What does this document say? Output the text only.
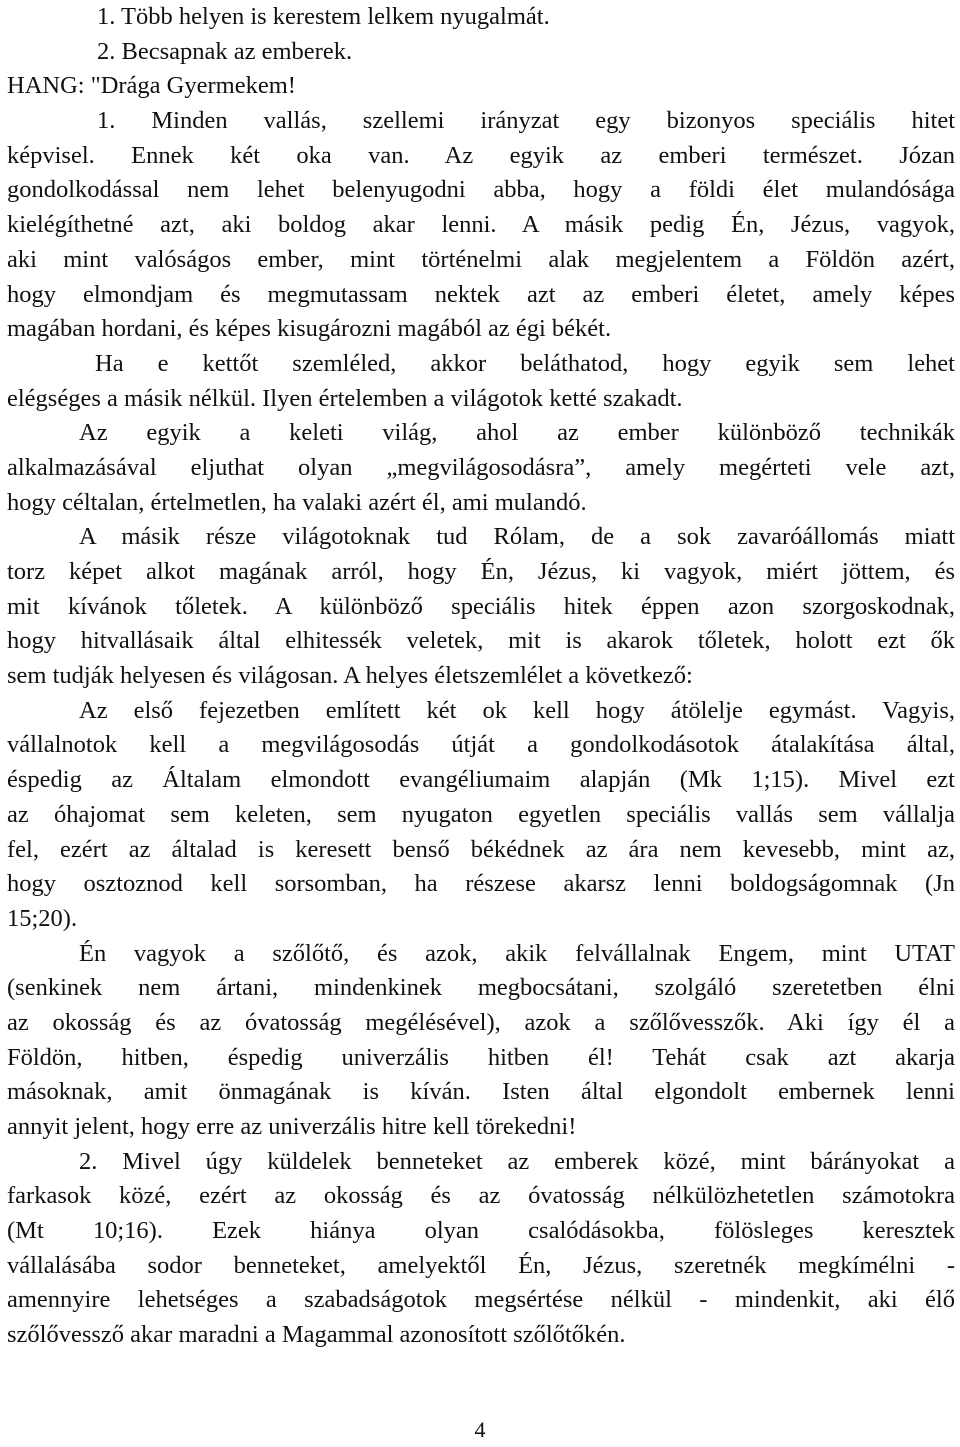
1. Több helyen is kerestem lelkem nyugalmát.
2. Becsapnak az emberek.
HANG: "Drága Gyermekem!
1. Minden vallás, szellemi irányzat egy bizonyos speciális hitet
képvisel. Ennek két oka van. Az egyik az emberi természet. Józan
gondolkodással nem lehet belenyugodni abba, hogy a földi élet mulandósága
kielégíthetné azt, aki boldog akar lenni. A másik pedig Én, Jézus, vagyok,
aki mint valóságos ember, mint történelmi alak megjelentem a Földön azért,
hogy elmondjam és megmutassam nektek azt az emberi életet, amely képes
magában hordani, és képes kisugározni magából az égi békét.
Ha e kettőt szemléled, akkor beláthatod, hogy egyik sem lehet
elégséges a másik nélkül. Ilyen értelemben a világotok ketté szakadt.
Az egyik a keleti világ, ahol az ember különböző technikák
alkalmazásával eljuthat olyan „megvilágosodásra”, amely megérteti vele azt,
hogy céltalan, értelmetlen, ha valaki azért él, ami mulandó.
A másik része világotoknak tud Rólam, de a sok zavaróállomás miatt
torz képet alkot magának arról, hogy Én, Jézus, ki vagyok, miért jöttem, és
mit kívánok tőletek. A különböző speciális hitek éppen azon szorgoskodnak,
hogy hitvallásaik által elhitessék veletek, mit is akarok tőletek, holott ezt ők
sem tudják helyesen és világosan. A helyes életszemlélet a következő:
Az első fejezetben említett két ok kell hogy átölelje egymást. Vagyis,
vállalnotok kell a megvilágosodás útját a gondolkodásotok átalakítása által,
éspedig az Általam elmondott evangéliumaim alapján (Mk 1;15). Mivel ezt
az óhajomat sem keleten, sem nyugaton egyetlen speciális vallás sem vállalja
fel, ezért az általad is keresett benső békédnek az ára nem kevesebb, mint az,
hogy osztoznod kell sorsomban, ha részese akarsz lenni boldogságomnak (Jn
15;20).
Én vagyok a szőlőtő, és azok, akik felvállalnak Engem, mint UTAT
(senkinek nem ártani, mindenkinek megbocsátani, szolgáló szeretetben élni
az okosság és az óvatosság megélésével), azok a szőlővesszők. Aki így él a
Földön, hitben, éspedig univerzális hitben él! Tehát csak azt akarja
másoknak, amit önmagának is kíván. Isten által elgondolt embernek lenni
annyit jelent, hogy erre az univerzális hitre kell törekedni!
2. Mivel úgy küldelek benneteket az emberek közé, mint bárányokat a
farkasok közé, ezért az okosság és az óvatosság nélkülözhetetlen számotokra
(Mt 10;16). Ezek hiánya olyan csalódásokba, fölösleges keresztek
vállalásába sodor benneteket, amelyektől Én, Jézus, szeretnék megkímélni -
amennyire lehetséges a szabadságotok megsértése nélkül - mindenkit, aki élő
szőlővessző akar maradni a Magammal azonosított szőlőtőkén.
4
